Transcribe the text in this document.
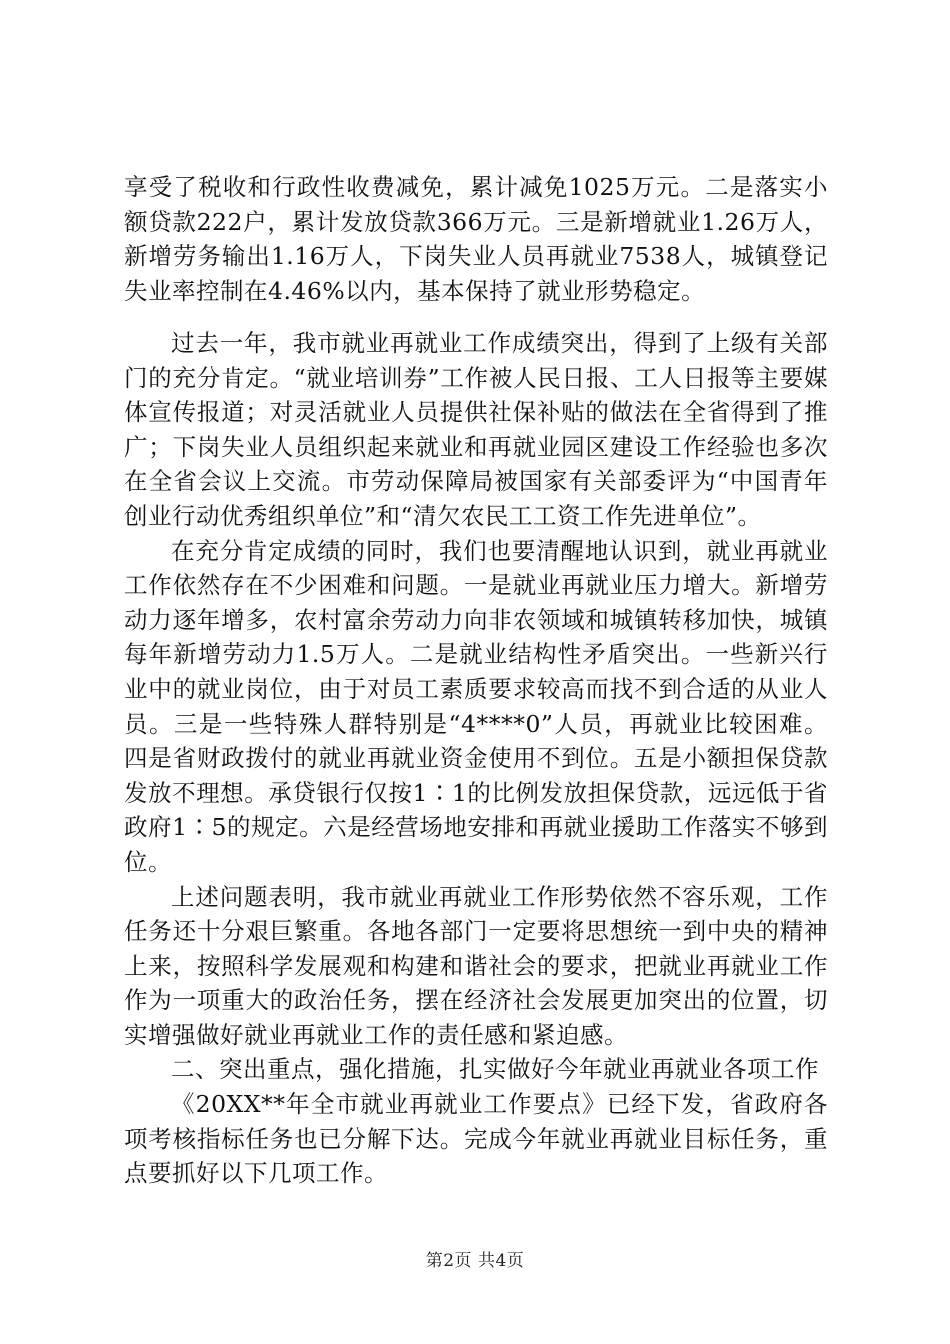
享受了税收和行政性收费减免，累计减免1025万元。二是落实小额贷款222户，累计发放贷款366万元。三是新增就业1.26万人，新增劳务输出1.16万人，下岗失业人员再就业7538人，城镇登记失业率控制在4.46%以内，基本保持了就业形势稳定。

过去一年，我市就业再就业工作成绩突出，得到了上级有关部门的充分肯定。“就业培训券”工作被人民日报、工人日报等主要媒体宣传报道；对灵活就业人员提供社保补贴的做法在全省得到了推广；下岗失业人员组织起来就业和再就业园区建设工作经验也多次在全省会议上交流。市劳动保障局被国家有关部委评为“中国青年创业行动优秀组织单位”和“清欠农民工工资工作先进单位”。

在充分肯定成绩的同时，我们也要清醒地认识到，就业再就业工作依然存在不少困难和问题。一是就业再就业压力增大。新增劳动力逐年增多，农村富余劳动力向非农领域和城镇转移加快，城镇每年新增劳动力1.5万人。二是就业结构性矛盾突出。一些新兴行业中的就业岗位，由于对员工素质要求较高而找不到合适的从业人员。三是一些特殊人群特别是“4****0”人员，再就业比较困难。四是省财政拨付的就业再就业资金使用不到位。五是小额担保贷款发放不理想。承贷银行仅按1∶1的比例发放担保贷款，远远低于省政府1∶5的规定。六是经营场地安排和再就业援助工作落实不够到位。

上述问题表明，我市就业再就业工作形势依然不容乐观，工作任务还十分艰巨繁重。各地各部门一定要将思想统一到中央的精神上来，按照科学发展观和构建和谐社会的要求，把就业再就业工作作为一项重大的政治任务，摆在经济社会发展更加突出的位置，切实增强做好就业再就业工作的责任感和紧迫感。

二、突出重点，强化措施，扎实做好今年就业再就业各项工作

《20XX**年全市就业再就业工作要点》已经下发，省政府各项考核指标任务也已分解下达。完成今年就业再就业目标任务，重点要抓好以下几项工作。

第2页 共4页
